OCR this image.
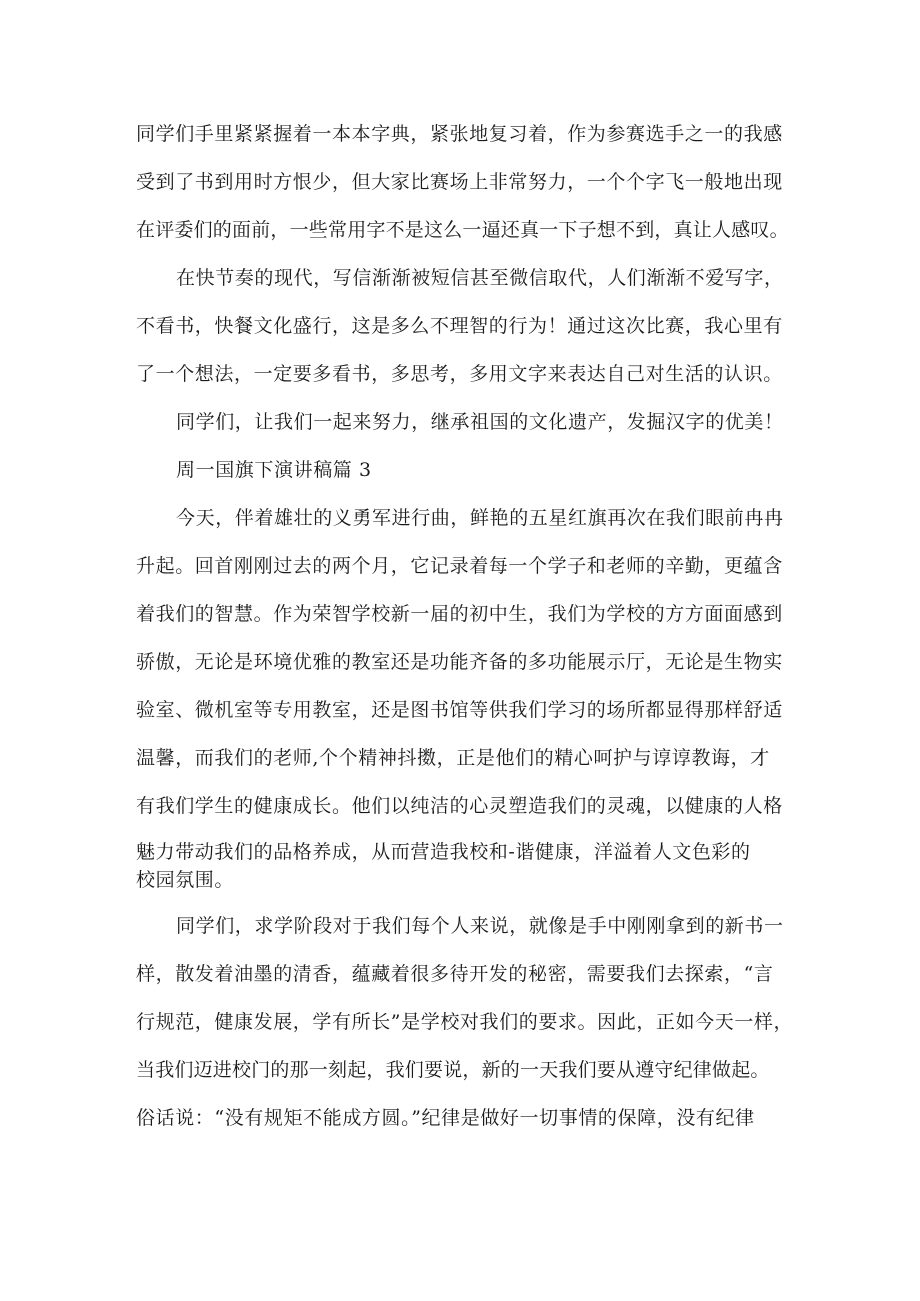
同学们手里紧紧握着一本本字典，紧张地复习着，作为参赛选手之一的我感
受到了书到用时方恨少，但大家比赛场上非常努力，一个个字飞一般地出现
在评委们的面前，一些常用字不是这么一逼还真一下子想不到，真让人感叹。
在快节奏的现代，写信渐渐被短信甚至微信取代，人们渐渐不爱写字，
不看书，快餐文化盛行，这是多么不理智的行为！通过这次比赛，我心里有
了一个想法，一定要多看书，多思考，多用文字来表达自己对生活的认识。
同学们，让我们一起来努力，继承祖国的文化遗产，发掘汉字的优美！
周一国旗下演讲稿篇 3
今天，伴着雄壮的义勇军进行曲，鲜艳的五星红旗再次在我们眼前冉冉
升起。回首刚刚过去的两个月，它记录着每一个学子和老师的辛勤，更蕴含
着我们的智慧。作为荣智学校新一届的初中生，我们为学校的方方面面感到
骄傲，无论是环境优雅的教室还是功能齐备的多功能展示厅，无论是生物实
验室、微机室等专用教室，还是图书馆等供我们学习的场所都显得那样舒适
温馨，而我们的老师,个个精神抖擞，正是他们的精心呵护与谆谆教诲，才
有我们学生的健康成长。他们以纯洁的心灵塑造我们的灵魂，以健康的人格
魅力带动我们的品格养成，从而营造我校和-谐健康，洋溢着人文色彩的
校园氛围。
同学们，求学阶段对于我们每个人来说，就像是手中刚刚拿到的新书一
样，散发着油墨的清香，蕴藏着很多待开发的秘密，需要我们去探索，“言
行规范，健康发展，学有所长”是学校对我们的要求。因此，正如今天一样，
当我们迈进校门的那一刻起，我们要说，新的一天我们要从遵守纪律做起。
俗话说：“没有规矩不能成方圆。”纪律是做好一切事情的保障，没有纪律
